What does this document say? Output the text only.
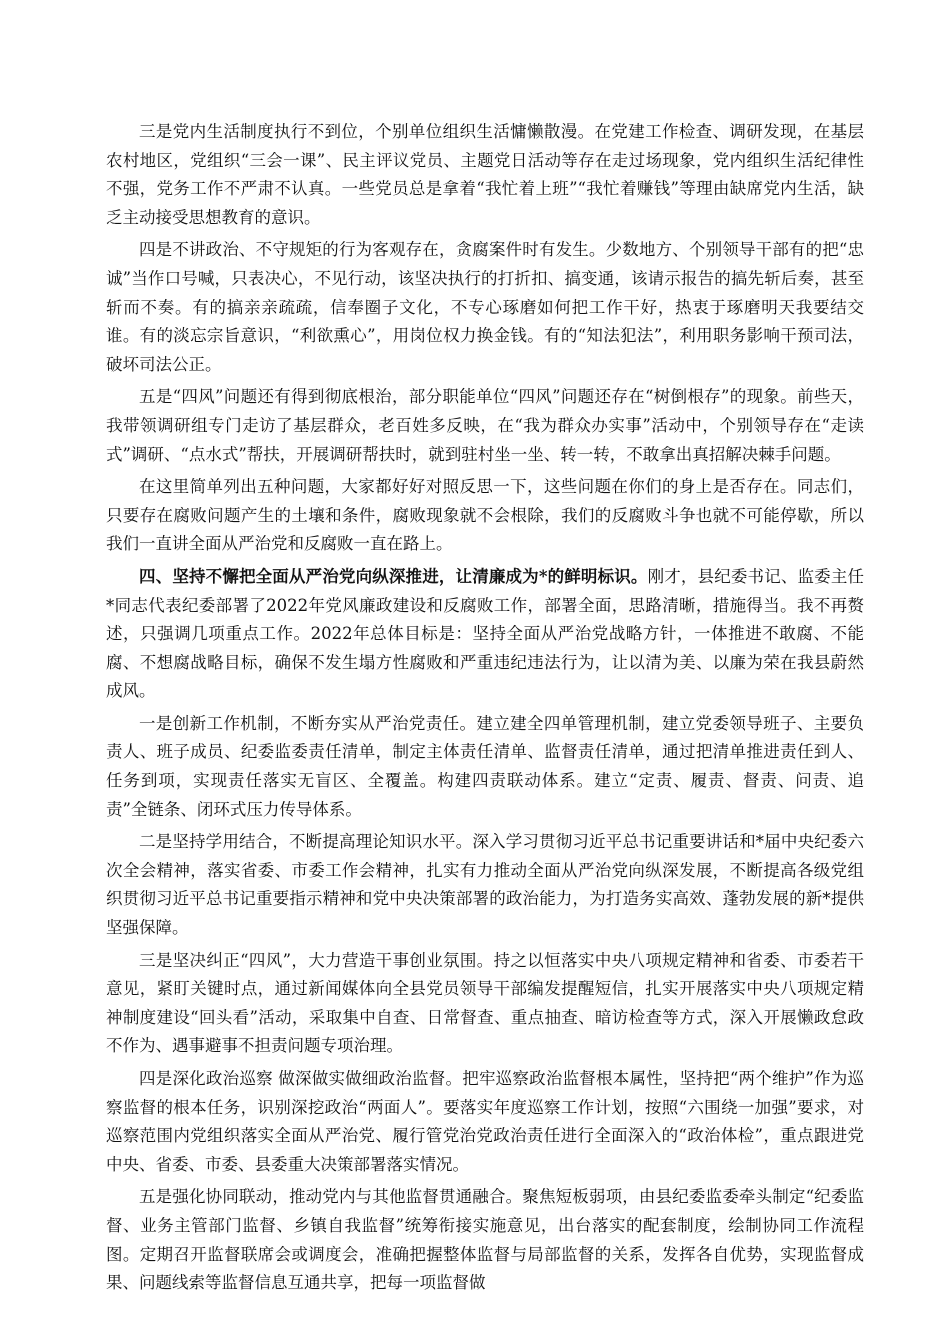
三是党内生活制度执行不到位，个别单位组织生活慵懒散漫。在党建工作检查、调研发现，在基层农村地区，党组织“三会一课”、民主评议党员、主题党日活动等存在走过场现象，党内组织生活纪律性不强，党务工作不严肃不认真。一些党员总是拿着“我忙着上班”“我忙着赚钱”等理由缺席党内生活，缺乏主动接受思想教育的意识。

四是不讲政治、不守规矩的行为客观存在，贪腐案件时有发生。少数地方、个别领导干部有的把“忠诚”当作口号喊，只表决心，不见行动，该坚决执行的打折扣、搞变通，该请示报告的搞先斩后奏，甚至斩而不奏。有的搞亲亲疏疏，信奉圈子文化，不专心琢磨如何把工作干好，热衷于琢磨明天我要结交谁。有的淡忘宗旨意识，“利欲熏心”，用岗位权力换金钱。有的“知法犯法”，利用职务影响干预司法，破坏司法公正。

五是“四风”问题还有得到彻底根治，部分职能单位“四风”问题还存在“树倒根存”的现象。前些天，我带领调研组专门走访了基层群众，老百姓多反映，在“我为群众办实事”活动中，个别领导存在“走读式”调研、“点水式”帮扶，开展调研帮扶时，就到驻村坐一坐、转一转，不敢拿出真招解决棘手问题。

在这里简单列出五种问题，大家都好好对照反思一下，这些问题在你们的身上是否存在。同志们，只要存在腐败问题产生的土壤和条件，腐败现象就不会根除，我们的反腐败斗争也就不可能停歇，所以我们一直讲全面从严治党和反腐败一直在路上。

四、坚持不懈把全面从严治党向纵深推进，让清廉成为*的鲜明标识。刚才，县纪委书记、监委主任*同志代表纪委部署了2022年党风廉政建设和反腐败工作，部署全面，思路清晰，措施得当。我不再赘述，只强调几项重点工作。2022年总体目标是：坚持全面从严治党战略方针，一体推进不敢腐、不能腐、不想腐战略目标，确保不发生塌方性腐败和严重违纪违法行为，让以清为美、以廉为荣在我县蔚然成风。

一是创新工作机制，不断夯实从严治党责任。建立建全四单管理机制，建立党委领导班子、主要负责人、班子成员、纪委监委责任清单，制定主体责任清单、监督责任清单，通过把清单推进责任到人、任务到项，实现责任落实无盲区、全覆盖。构建四责联动体系。建立“定责、履责、督责、问责、追责”全链条、闭环式压力传导体系。

二是坚持学用结合，不断提高理论知识水平。深入学习贯彻习近平总书记重要讲话和*届中央纪委六次全会精神，落实省委、市委工作会精神，扎实有力推动全面从严治党向纵深发展，不断提高各级党组织贯彻习近平总书记重要指示精神和党中央决策部署的政治能力，为打造务实高效、蓬勃发展的新*提供坚强保障。

三是坚决纠正“四风”，大力营造干事创业氛围。持之以恒落实中央八项规定精神和省委、市委若干意见，紧盯关键时点，通过新闻媒体向全县党员领导干部编发提醒短信，扎实开展落实中央八项规定精神制度建设“回头看”活动，采取集中自查、日常督查、重点抽查、暗访检查等方式，深入开展懒政怠政不作为、遇事避事不担责问题专项治理。

四是深化政治巡察 做深做实做细政治监督。把牢巡察政治监督根本属性，坚持把“两个维护”作为巡察监督的根本任务，识别深挖政治“两面人”。要落实年度巡察工作计划，按照“六围绕一加强”要求，对巡察范围内党组织落实全面从严治党、履行管党治党政治责任进行全面深入的“政治体检”，重点跟进党中央、省委、市委、县委重大决策部署落实情况。

五是强化协同联动，推动党内与其他监督贯通融合。聚焦短板弱项，由县纪委监委牵头制定“纪委监督、业务主管部门监督、乡镇自我监督”统筹衔接实施意见，出台落实的配套制度，绘制协同工作流程图。定期召开监督联席会或调度会，准确把握整体监督与局部监督的关系，发挥各自优势，实现监督成果、问题线索等监督信息互通共享，把每一项监督做
